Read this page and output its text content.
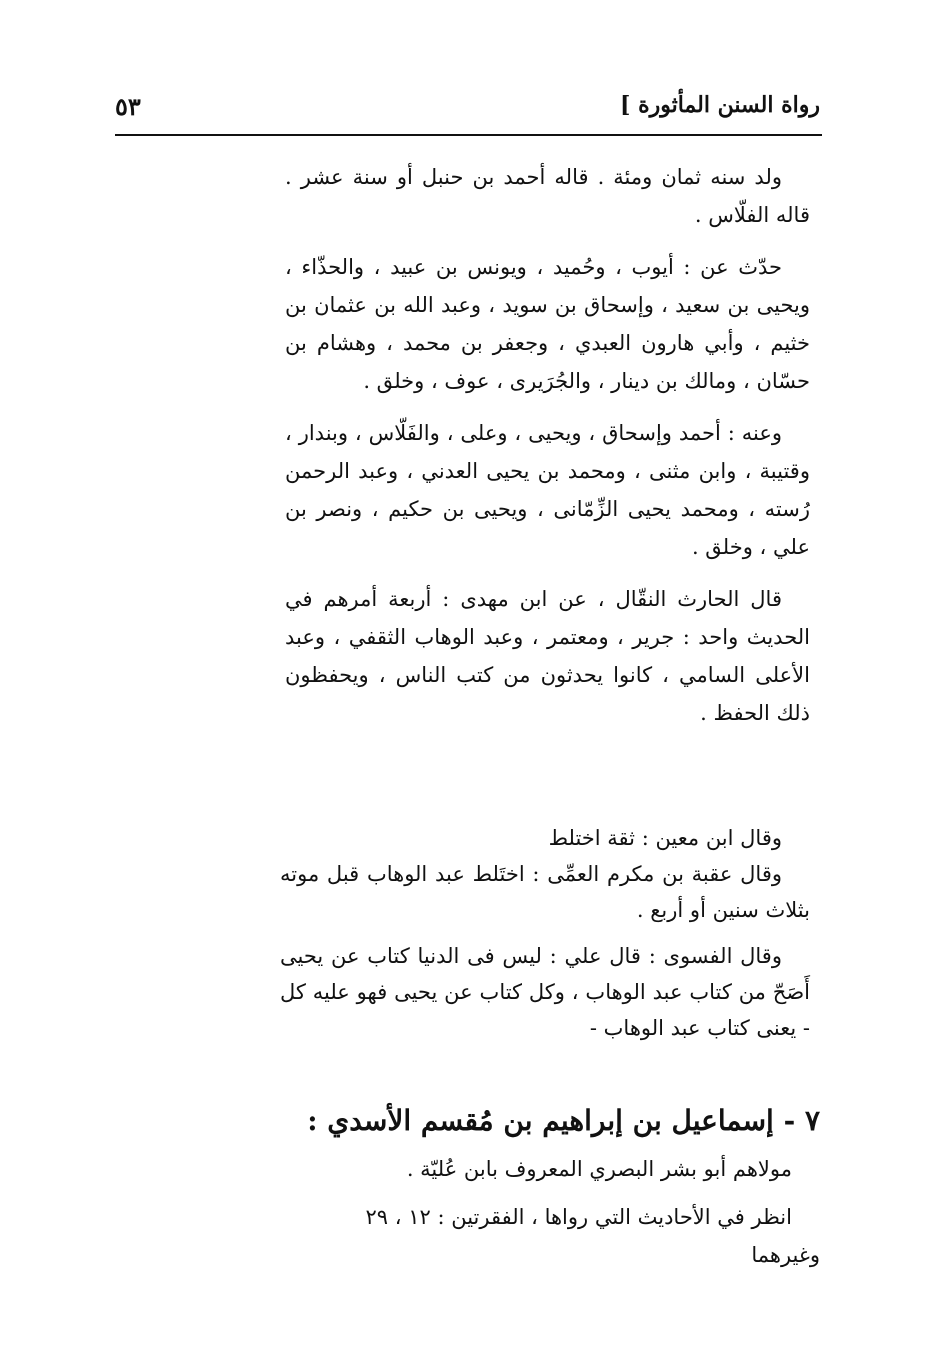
رواة السنن المأثورة ]
٥٣

ولد سنه ثمان ومئة . قاله أحمد بن حنبل أو سنة عشر . قاله الفلّاس .

حدّث عن : أيوب ، وحُميد ، ويونس بن عبيد ، والحذّاء ، ويحيى بن سعيد ، وإسحاق بن سويد ، وعبد الله بن عثمان بن خثيم ، وأبي هارون العبدي ، وجعفر بن محمد ، وهشام بن حسّان ، ومالك بن دينار ، والجُرَيرى ، عوف ، وخلق .

وعنه : أحمد وإسحاق ، ويحيى ، وعلى ، والفَلّاس ، وبندار ، وقتيبة ، وابن مثنى ، ومحمد بن يحيى العدني ، وعبد الرحمن رُسته ، ومحمد يحيى الزِّمّانى ، ويحيى بن حكيم ، ونصر بن علي ، وخلق .

قال الحارث النقّال ، عن ابن مهدى : أربعة أمرهم في الحديث واحد : جرير ، ومعتمر ، وعبد الوهاب الثقفي ، وعبد الأعلى السامي ، كانوا يحدثون من كتب الناس ، ويحفظون ذلك الحفظ .

وقال ابن معين : ثقة اختلط

وقال عقبة بن مكرم العمِّى : اختَلط عبد الوهاب قبل موته بثلاث سنين أو أربع .

وقال الفسوى : قال علي : ليس فى الدنيا كتاب عن يحيى أَصَحّ من كتاب عبد الوهاب ، وكل كتاب عن يحيى فهو عليه كل - يعنى كتاب عبد الوهاب -

٧ - إسماعيل بن إبراهيم بن مُقسم الأسدي :

مولاهم أبو بشر البصري المعروف بابن عُليّة .

انظر في الأحاديث التي رواها ، الفقرتين : ١٢ ، ٢٩

وغيرهما
